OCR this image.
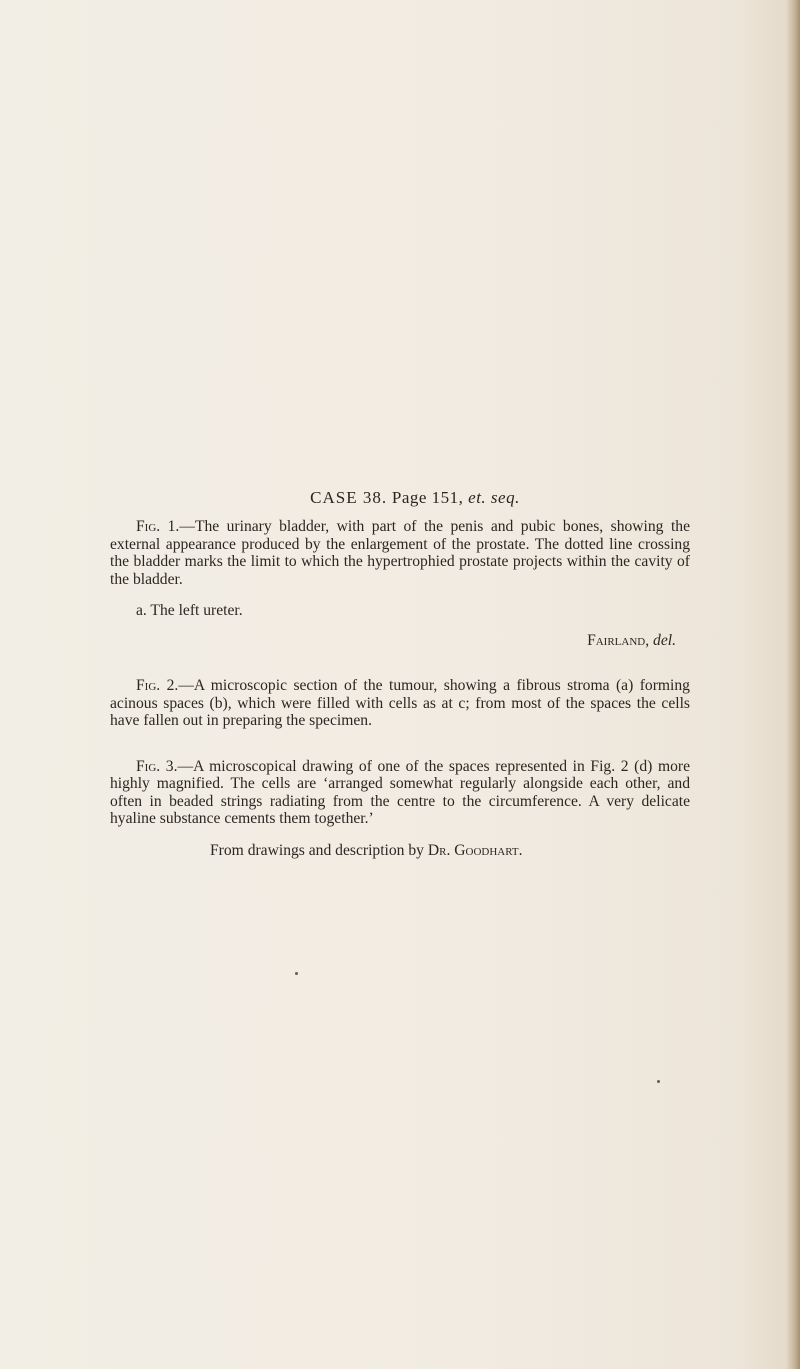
CASE 38. Page 151, et. seq.

Fig. 1.—The urinary bladder, with part of the penis and pubic bones, showing the external appearance produced by the enlargement of the prostate. The dotted line crossing the bladder marks the limit to which the hypertrophied prostate projects within the cavity of the bladder.

a. The left ureter.

Fairland, del.

Fig. 2.—A microscopic section of the tumour, showing a fibrous stroma (a) forming acinous spaces (b), which were filled with cells as at c; from most of the spaces the cells have fallen out in preparing the specimen.

Fig. 3.—A microscopical drawing of one of the spaces represented in Fig. 2 (d) more highly magnified. The cells are ‘arranged somewhat regularly alongside each other, and often in beaded strings radiating from the centre to the circumference. A very delicate hyaline substance cements them together.’

From drawings and description by Dr. Goodhart.
